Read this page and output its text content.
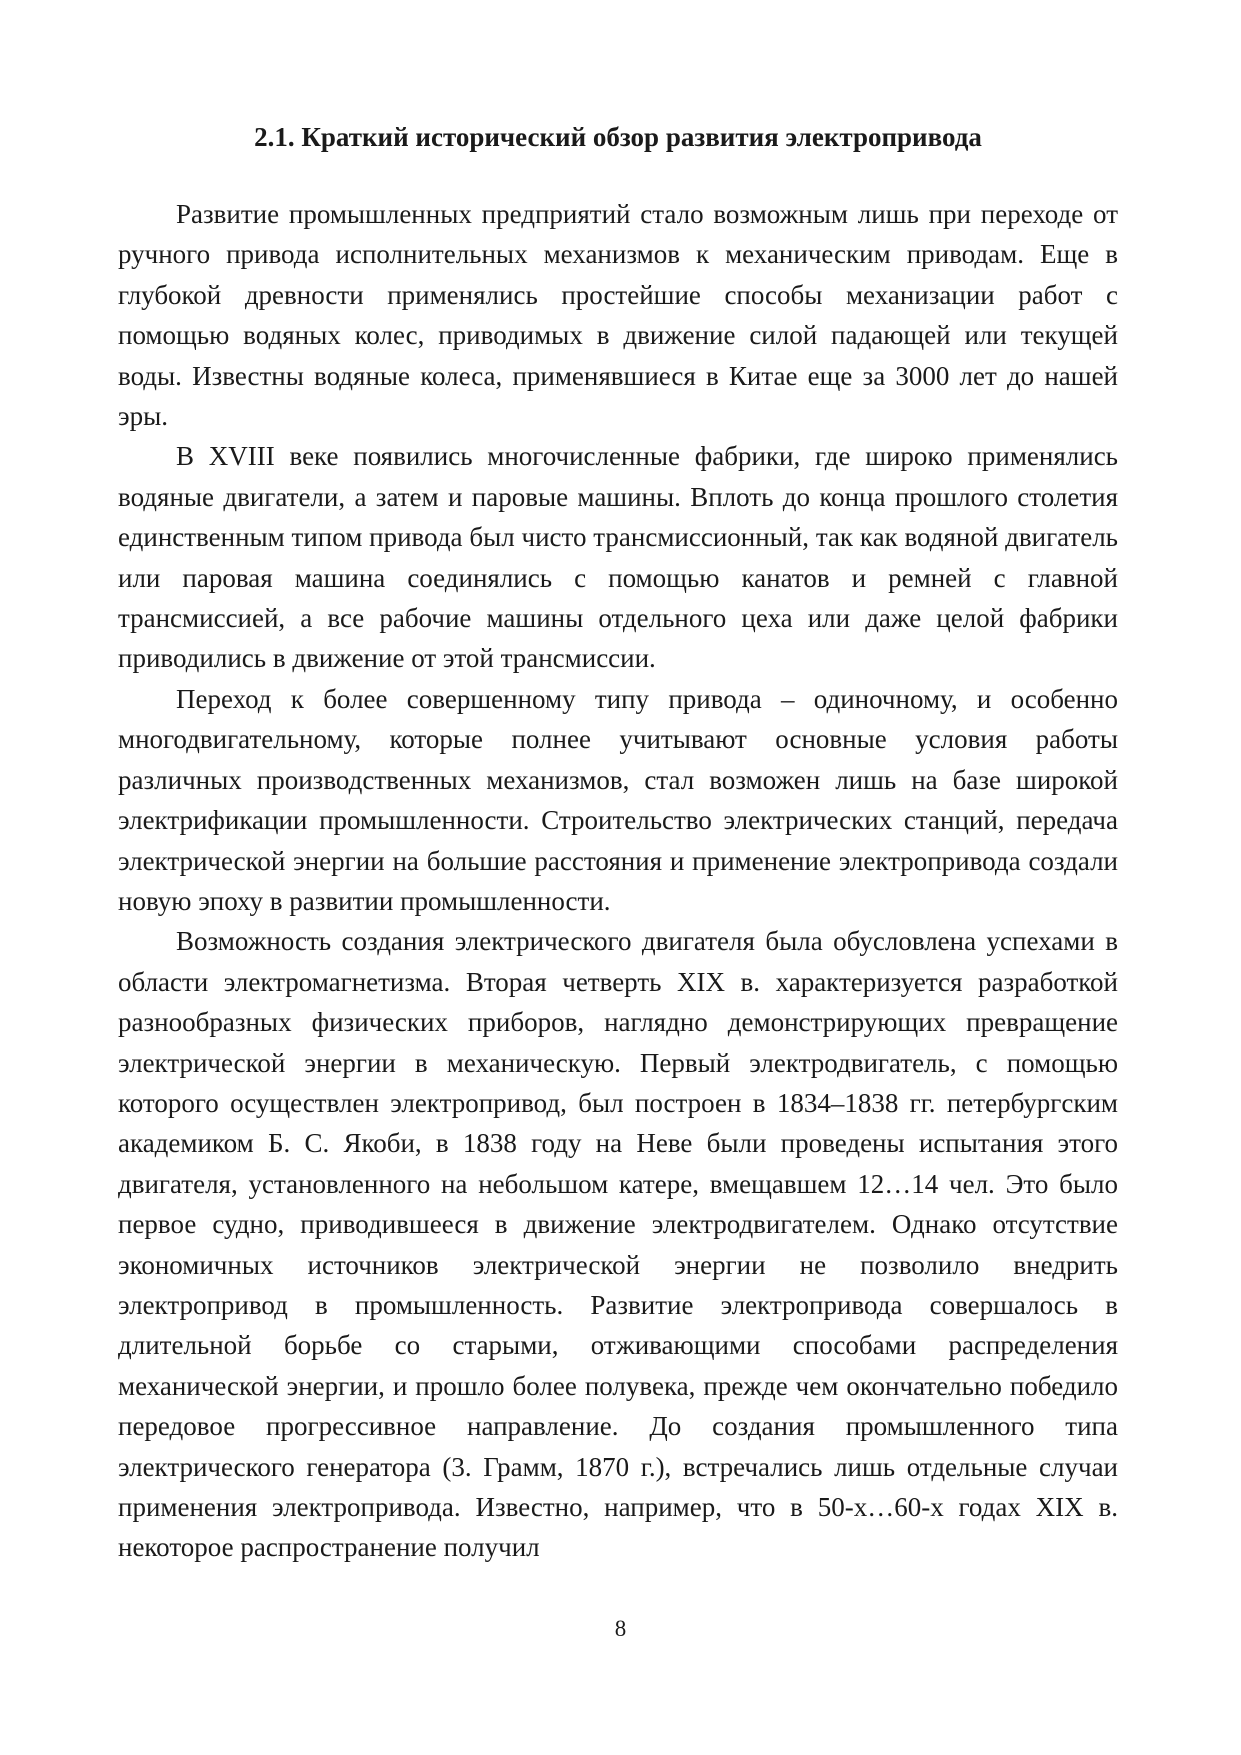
2.1. Краткий исторический обзор развития электропривода

Развитие промышленных предприятий стало возможным лишь при переходе от ручного привода исполнительных механизмов к механическим приводам. Еще в глубокой древности применялись простейшие способы механизации работ с помощью водяных колес, приводимых в движение силой падающей или текущей воды. Известны водяные колеса, применявшиеся в Китае еще за 3000 лет до нашей эры.

В XVIII веке появились многочисленные фабрики, где широко применялись водяные двигатели, а затем и паровые машины. Вплоть до конца прошлого столетия единственным типом привода был чисто трансмиссионный, так как водяной двигатель или паровая машина соединялись с помощью канатов и ремней с главной трансмиссией, а все рабочие машины отдельного цеха или даже целой фабрики приводились в движение от этой трансмиссии.

Переход к более совершенному типу привода – одиночному, и особенно многодвигательному, которые полнее учитывают основные условия работы различных производственных механизмов, стал возможен лишь на базе широкой электрификации промышленности. Строительство электрических станций, передача электрической энергии на большие расстояния и применение электропривода создали новую эпоху в развитии промышленности.

Возможность создания электрического двигателя была обусловлена успехами в области электромагнетизма. Вторая четверть XIX в. характеризуется разработкой разнообразных физических приборов, наглядно демонстрирующих превращение электрической энергии в механическую. Первый электродвигатель, с помощью которого осуществлен электропривод, был построен в 1834–1838 гг. петербургским академиком Б. С. Якоби, в 1838 году на Неве были проведены испытания этого двигателя, установленного на небольшом катере, вмещавшем 12…14 чел. Это было первое судно, приводившееся в движение электродвигателем. Однако отсутствие экономичных источников электрической энергии не позволило внедрить электропривод в промышленность. Развитие электропривода совершалось в длительной борьбе со старыми, отживающими способами распределения механической энергии, и прошло более полувека, прежде чем окончательно победило передовое прогрессивное направление. До создания промышленного типа электрического генератора (3. Грамм, 1870 г.), встречались лишь отдельные случаи применения электропривода. Известно, например, что в 50-х…60-х годах XIX в. некоторое распространение получил

8
